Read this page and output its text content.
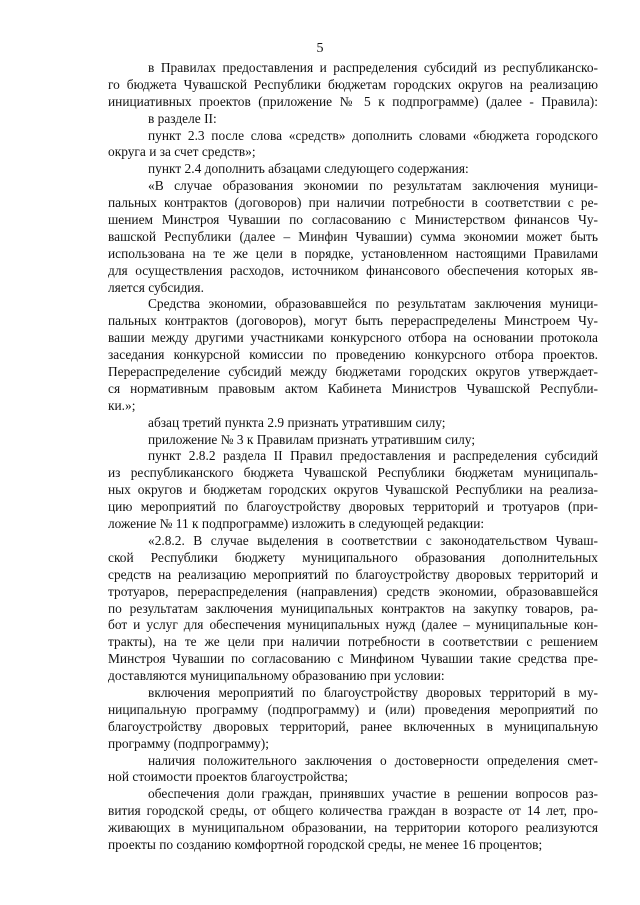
5
в Правилах предоставления и распределения субсидий из республиканско-
го бюджета Чувашской Республики бюджетам городских округов на реализацию
инициативных проектов (приложение № 5 к подпрограмме) (далее - Правила):
в разделе II:
пункт 2.3 после слова «средств» дополнить словами «бюджета городского
округа и за счет средств»;
пункт 2.4 дополнить абзацами следующего содержания:
«В случае образования экономии по результатам заключения муници-
пальных контрактов (договоров) при наличии потребности в соответствии с ре-
шением Минстроя Чувашии по согласованию с Министерством финансов Чу-
вашской Республики (далее – Минфин Чувашии) сумма экономии может быть
использована на те же цели в порядке, установленном настоящими Правилами
для осуществления расходов, источником финансового обеспечения которых яв-
ляется субсидия.
Средства экономии, образовавшейся по результатам заключения муници-
пальных контрактов (договоров), могут быть перераспределены Минстроем Чу-
вашии между другими участниками конкурсного отбора на основании протокола
заседания конкурсной комиссии по проведению конкурсного отбора проектов.
Перераспределение субсидий между бюджетами городских округов утверждает-
ся нормативным правовым актом Кабинета Министров Чувашской Республи-
ки.»;
абзац третий пункта 2.9 признать утратившим силу;
приложение № 3 к Правилам признать утратившим силу;
пункт 2.8.2 раздела II Правил предоставления и распределения субсидий
из республиканского бюджета Чувашской Республики бюджетам муниципаль-
ных округов и бюджетам городских округов Чувашской Республики на реализа-
цию мероприятий по благоустройству дворовых территорий и тротуаров (при-
ложение № 11 к подпрограмме) изложить в следующей редакции:
«2.8.2. В случае выделения в соответствии с законодательством Чуваш-
ской Республики бюджету муниципального образования дополнительных
средств на реализацию мероприятий по благоустройству дворовых территорий и
тротуаров, перераспределения (направления) средств экономии, образовавшейся
по результатам заключения муниципальных контрактов на закупку товаров, ра-
бот и услуг для обеспечения муниципальных нужд (далее – муниципальные кон-
тракты), на те же цели при наличии потребности в соответствии с решением
Минстроя Чувашии по согласованию с Минфином Чувашии такие средства пре-
доставляются муниципальному образованию при условии:
включения мероприятий по благоустройству дворовых территорий в му-
ниципальную программу (подпрограмму) и (или) проведения мероприятий по
благоустройству дворовых территорий, ранее включенных в муниципальную
программу (подпрограмму);
наличия положительного заключения о достоверности определения смет-
ной стоимости проектов благоустройства;
обеспечения доли граждан, принявших участие в решении вопросов раз-
вития городской среды, от общего количества граждан в возрасте от 14 лет, про-
живающих в муниципальном образовании, на территории которого реализуются
проекты по созданию комфортной городской среды, не менее 16 процентов;
